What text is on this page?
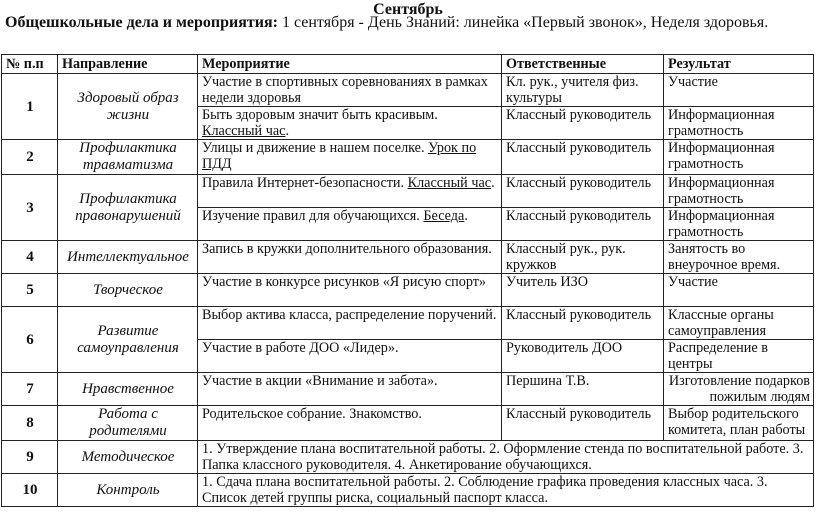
Сентябрь
Общешкольные дела и мероприятия: 1 сентября - День Знаний: линейка «Первый звонок», Неделя здоровья.
№ п.п	Направление	Мероприятие	Ответственные	Результат
1	Здоровый образ жизни	Участие в спортивных соревнованиях в рамках недели здоровья	Кл. рук., учителя физ. культуры	Участие
		Быть здоровым значит быть красивым. Классный час.	Классный руководитель	Информационная грамотность
2	Профилактика травматизма	Улицы и движение в нашем поселке. Урок по ПДД	Классный руководитель	Информационная грамотность
3	Профилактика правонарушений	Правила Интернет-безопасности. Классный час.	Классный руководитель	Информационная грамотность
		Изучение правил для обучающихся. Беседа.	Классный руководитель	Информационная грамотность
4	Интеллектуальное	Запись в кружки дополнительного образования.	Классный рук., рук. кружков	Занятость во внеурочное время.
5	Творческое	Участие в конкурсе рисунков «Я рисую спорт»	Учитель ИЗО	Участие
6	Развитие самоуправления	Выбор актива класса, распределение поручений.	Классный руководитель	Классные органы самоуправления
		Участие в работе ДОО «Лидер».	Руководитель ДОО	Распределение в центры
7	Нравственное	Участие в акции «Внимание и забота».	Першина Т.В.	Изготовление подарков пожилым людям
8	Работа с родителями	Родительское собрание. Знакомство.	Классный руководитель	Выбор родительского комитета, план работы
9	Методическое	1. Утверждение плана воспитательной работы. 2. Оформление стенда по воспитательной работе. 3. Папка классного руководителя. 4. Анкетирование обучающихся.		
10	Контроль	1. Сдача плана воспитательной работы. 2. Соблюдение графика проведения классных часа. 3. Список детей группы риска, социальный паспорт класса.		
